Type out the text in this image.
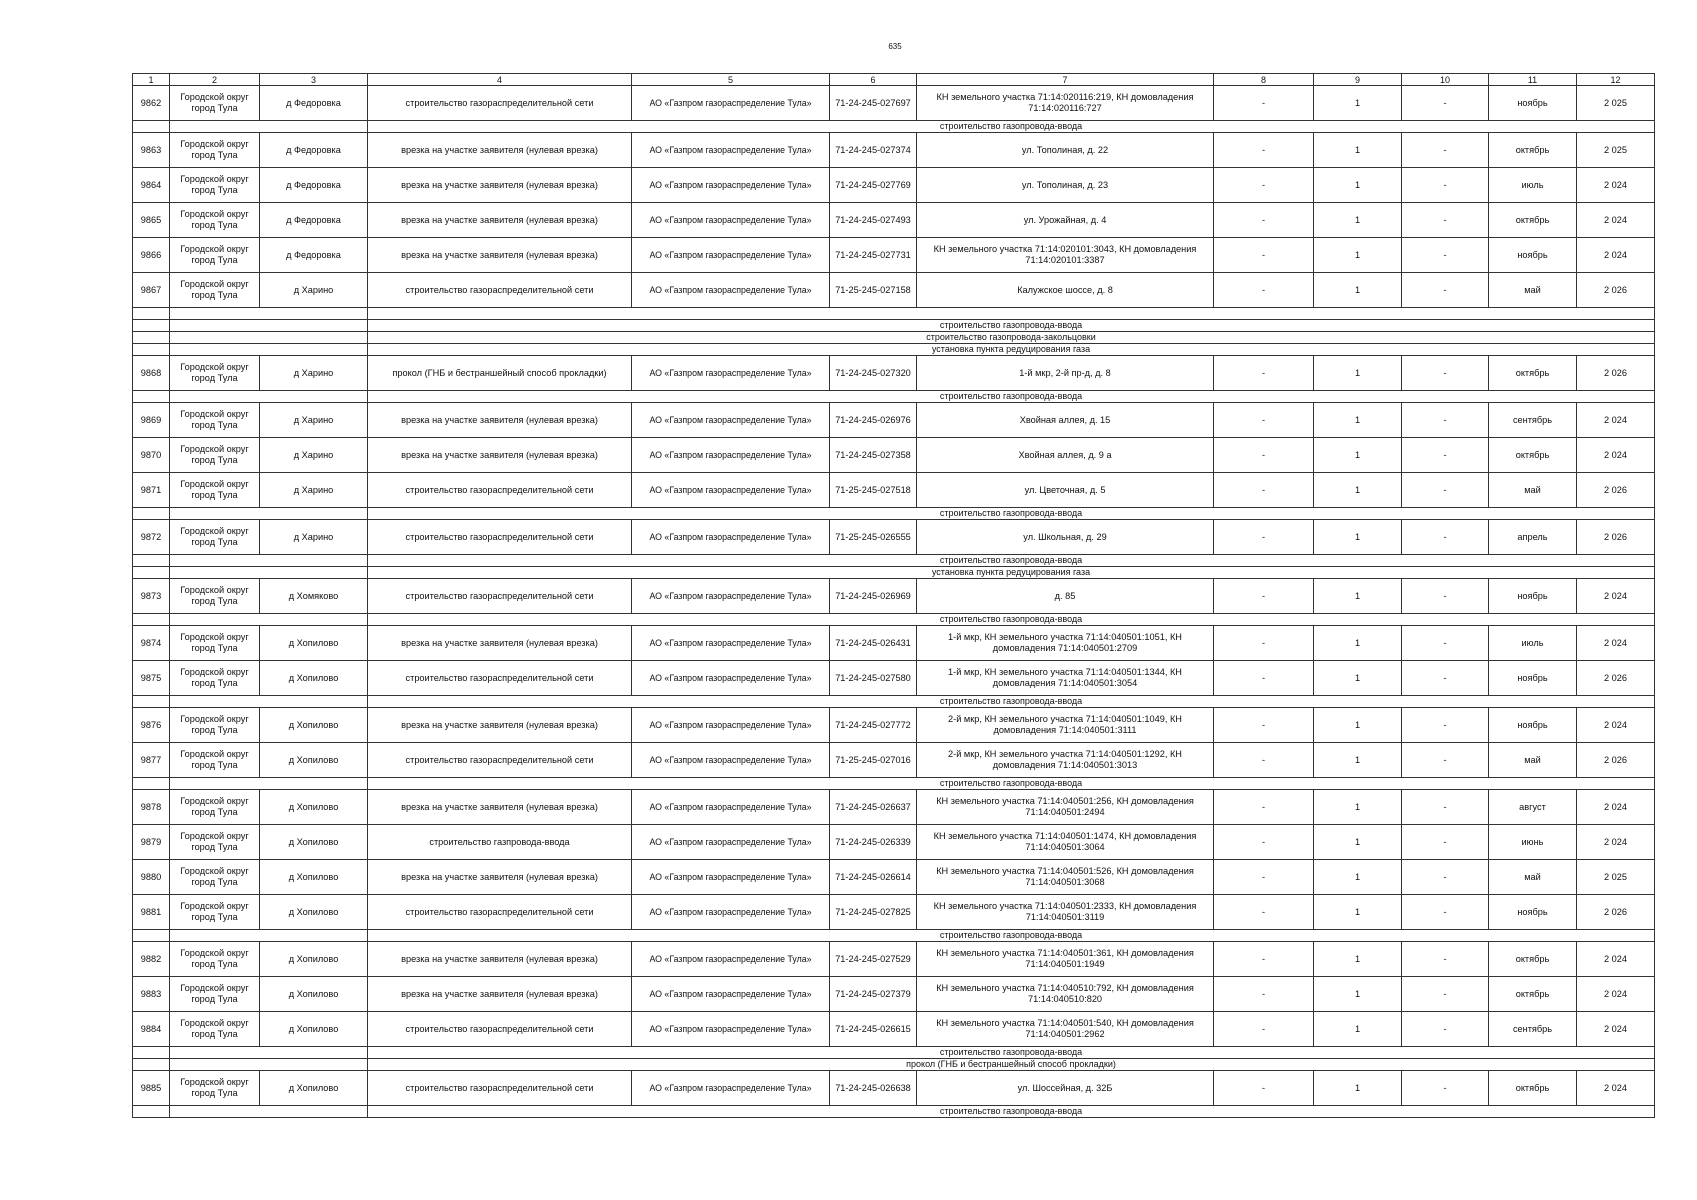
635
1	2	3	4	5	6	7	8	9	10	11	12
9862	Городской округ город Тула	д Федоровка	строительство газораспределительной сети	АО «Газпром газораспределение Тула»	71-24-245-027697	КН земельного участка 71:14:020116:219, КН домовладения 71:14:020116:727	-	1	-	ноябрь	2 025
			строительство газопровода-ввода								
9863	Городской округ город Тула	д Федоровка	врезка на участке заявителя (нулевая врезка)	АО «Газпром газораспределение Тула»	71-24-245-027374	ул. Тополиная, д. 22	-	1	-	октябрь	2 025
9864	Городской округ город Тула	д Федоровка	врезка на участке заявителя (нулевая врезка)	АО «Газпром газораспределение Тула»	71-24-245-027769	ул. Тополиная, д. 23	-	1	-	июль	2 024
9865	Городской округ город Тула	д Федоровка	врезка на участке заявителя (нулевая врезка)	АО «Газпром газораспределение Тула»	71-24-245-027493	ул. Урожайная, д. 4	-	1	-	октябрь	2 024
9866	Городской округ город Тула	д Федоровка	врезка на участке заявителя (нулевая врезка)	АО «Газпром газораспределение Тула»	71-24-245-027731	КН земельного участка 71:14:020101:3043, КН домовладения 71:14:020101:3387	-	1	-	ноябрь	2 024
9867	Городской округ город Тула	д Харино	строительство газораспределительной сети	АО «Газпром газораспределение Тула»	71-25-245-027158	Калужское шоссе, д. 8	-	1	-	май	2 026

			строительство газопровода-ввода								
			строительство газопровода-закольцовки								
			установка пункта редуцирования газа								
9868	Городской округ город Тула	д Харино	прокол (ГНБ и бестраншейный способ прокладки)	АО «Газпром газораспределение Тула»	71-24-245-027320	1-й мкр, 2-й пр-д, д. 8	-	1	-	октябрь	2 026
			строительство газопровода-ввода								
9869	Городской округ город Тула	д Харино	врезка на участке заявителя (нулевая врезка)	АО «Газпром газораспределение Тула»	71-24-245-026976	Хвойная аллея, д. 15	-	1	-	сентябрь	2 024
9870	Городской округ город Тула	д Харино	врезка на участке заявителя (нулевая врезка)	АО «Газпром газораспределение Тула»	71-24-245-027358	Хвойная аллея, д. 9 а	-	1	-	октябрь	2 024
9871	Городской округ город Тула	д Харино	строительство газораспределительной сети	АО «Газпром газораспределение Тула»	71-25-245-027518	ул. Цветочная, д. 5	-	1	-	май	2 026
			строительство газопровода-ввода								
9872	Городской округ город Тула	д Харино	строительство газораспределительной сети	АО «Газпром газораспределение Тула»	71-25-245-026555	ул. Школьная, д. 29	-	1	-	апрель	2 026
			строительство газопровода-ввода								
			установка пункта редуцирования газа								
9873	Городской округ город Тула	д Хомяково	строительство газораспределительной сети	АО «Газпром газораспределение Тула»	71-24-245-026969	д. 85	-	1	-	ноябрь	2 024
			строительство газопровода-ввода								
9874	Городской округ город Тула	д Хопилово	врезка на участке заявителя (нулевая врезка)	АО «Газпром газораспределение Тула»	71-24-245-026431	1-й мкр, КН земельного участка 71:14:040501:1051, КН домовладения 71:14:040501:2709	-	1	-	июль	2 024
9875	Городской округ город Тула	д Хопилово	строительство газораспределительной сети	АО «Газпром газораспределение Тула»	71-24-245-027580	1-й мкр, КН земельного участка 71:14:040501:1344, КН домовладения 71:14:040501:3054	-	1	-	ноябрь	2 026
			строительство газопровода-ввода								
9876	Городской округ город Тула	д Хопилово	врезка на участке заявителя (нулевая врезка)	АО «Газпром газораспределение Тула»	71-24-245-027772	2-й мкр, КН земельного участка 71:14:040501:1049, КН домовладения 71:14:040501:3111	-	1	-	ноябрь	2 024
9877	Городской округ город Тула	д Хопилово	строительство газораспределительной сети	АО «Газпром газораспределение Тула»	71-25-245-027016	2-й мкр, КН земельного участка 71:14:040501:1292, КН домовладения 71:14:040501:3013	-	1	-	май	2 026
			строительство газопровода-ввода								
9878	Городской округ город Тула	д Хопилово	врезка на участке заявителя (нулевая врезка)	АО «Газпром газораспределение Тула»	71-24-245-026637	КН земельного участка 71:14:040501:256, КН домовладения 71:14:040501:2494	-	1	-	август	2 024
9879	Городской округ город Тула	д Хопилово	строительство газпровода-ввода	АО «Газпром газораспределение Тула»	71-24-245-026339	КН земельного участка 71:14:040501:1474, КН домовладения 71:14:040501:3064	-	1	-	июнь	2 024
9880	Городской округ город Тула	д Хопилово	врезка на участке заявителя (нулевая врезка)	АО «Газпром газораспределение Тула»	71-24-245-026614	КН земельного участка 71:14:040501:526, КН домовладения 71:14:040501:3068	-	1	-	май	2 025
9881	Городской округ город Тула	д Хопилово	строительство газораспределительной сети	АО «Газпром газораспределение Тула»	71-24-245-027825	КН земельного участка 71:14:040501:2333, КН домовладения 71:14:040501:3119	-	1	-	ноябрь	2 026
			строительство газопровода-ввода								
9882	Городской округ город Тула	д Хопилово	врезка на участке заявителя (нулевая врезка)	АО «Газпром газораспределение Тула»	71-24-245-027529	КН земельного участка 71:14:040501:361, КН домовладения 71:14:040501:1949	-	1	-	октябрь	2 024
9883	Городской округ город Тула	д Хопилово	врезка на участке заявителя (нулевая врезка)	АО «Газпром газораспределение Тула»	71-24-245-027379	КН земельного участка 71:14:040510:792, КН домовладения 71:14:040510:820	-	1	-	октябрь	2 024
9884	Городской округ город Тула	д Хопилово	строительство газораспределительной сети	АО «Газпром газораспределение Тула»	71-24-245-026615	КН земельного участка 71:14:040501:540, КН домовладения 71:14:040501:2962	-	1	-	сентябрь	2 024
			строительство газопровода-ввода								
			прокол (ГНБ и бестраншейный способ прокладки)								
9885	Городской округ город Тула	д Хопилово	строительство газораспределительной сети	АО «Газпром газораспределение Тула»	71-24-245-026638	ул. Шоссейная, д. 32Б	-	1	-	октябрь	2 024
			строительство газопровода-ввода								
